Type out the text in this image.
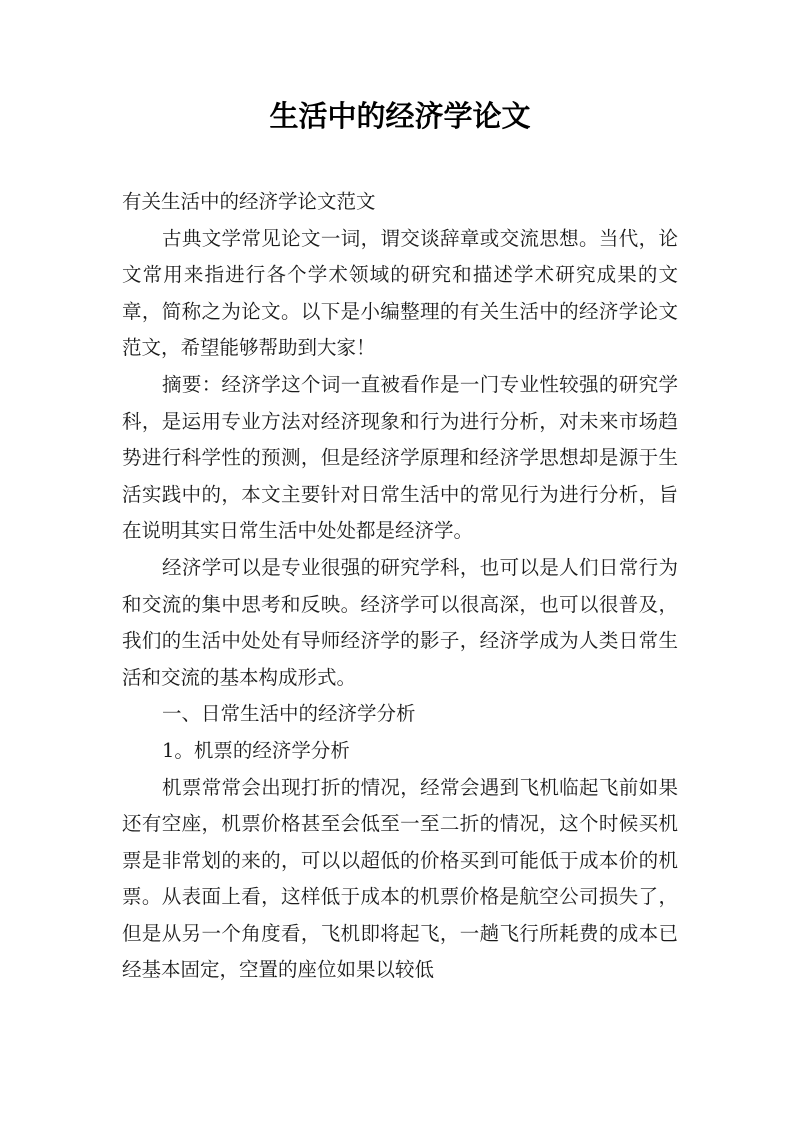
生活中的经济学论文

有关生活中的经济学论文范文

古典文学常见论文一词，谓交谈辞章或交流思想。当代，论文常用来指进行各个学术领域的研究和描述学术研究成果的文章，简称之为论文。以下是小编整理的有关生活中的经济学论文范文，希望能够帮助到大家！

摘要：经济学这个词一直被看作是一门专业性较强的研究学科，是运用专业方法对经济现象和行为进行分析，对未来市场趋势进行科学性的预测，但是经济学原理和经济学思想却是源于生活实践中的，本文主要针对日常生活中的常见行为进行分析，旨在说明其实日常生活中处处都是经济学。

经济学可以是专业很强的研究学科，也可以是人们日常行为和交流的集中思考和反映。经济学可以很高深，也可以很普及，我们的生活中处处有导师经济学的影子，经济学成为人类日常生活和交流的基本构成形式。

一、日常生活中的经济学分析

1。机票的经济学分析

机票常常会出现打折的情况，经常会遇到飞机临起飞前如果还有空座，机票价格甚至会低至一至二折的情况，这个时候买机票是非常划的来的，可以以超低的价格买到可能低于成本价的机票。从表面上看，这样低于成本的机票价格是航空公司损失了，但是从另一个角度看，飞机即将起飞，一趟飞行所耗费的成本已经基本固定，空置的座位如果以较低
